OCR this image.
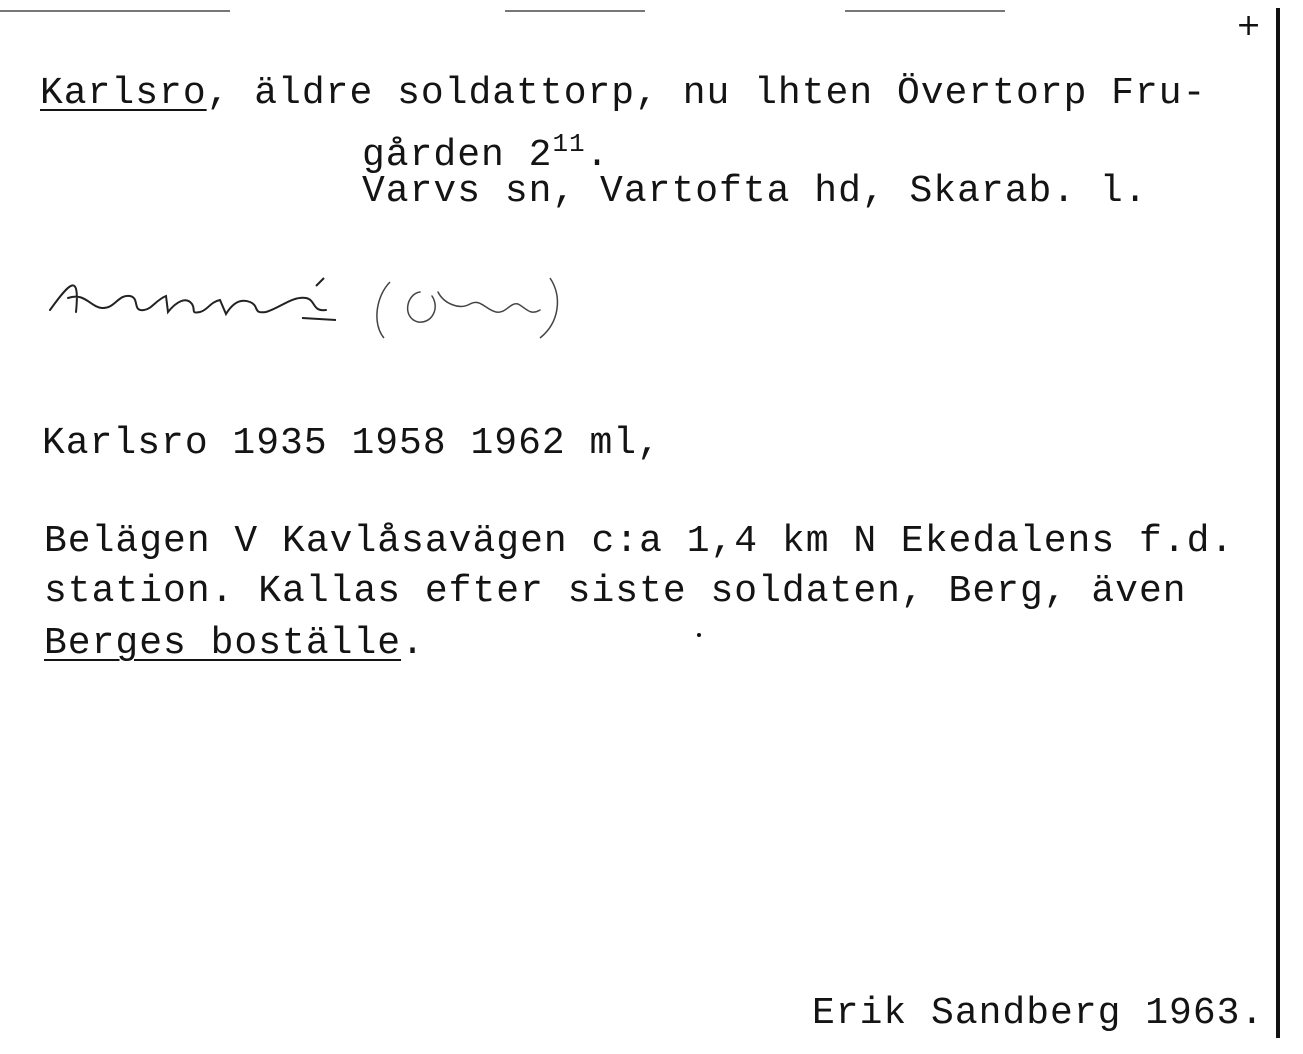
+
Karlsro, äldre soldattorp, nu lhten Övertorp Fru-
gården $2^{11}$.
Varvs sn, Vartofta hd, Skarab. l.
Karlsro 1935 1958 1962 ml,
Belägen V Kavlåsavägen c:a 1,4 km N Ekedalens f.d.
station. Kallas efter siste soldaten, Berg, även
Berges boställe.
Erik Sandberg 1963.
